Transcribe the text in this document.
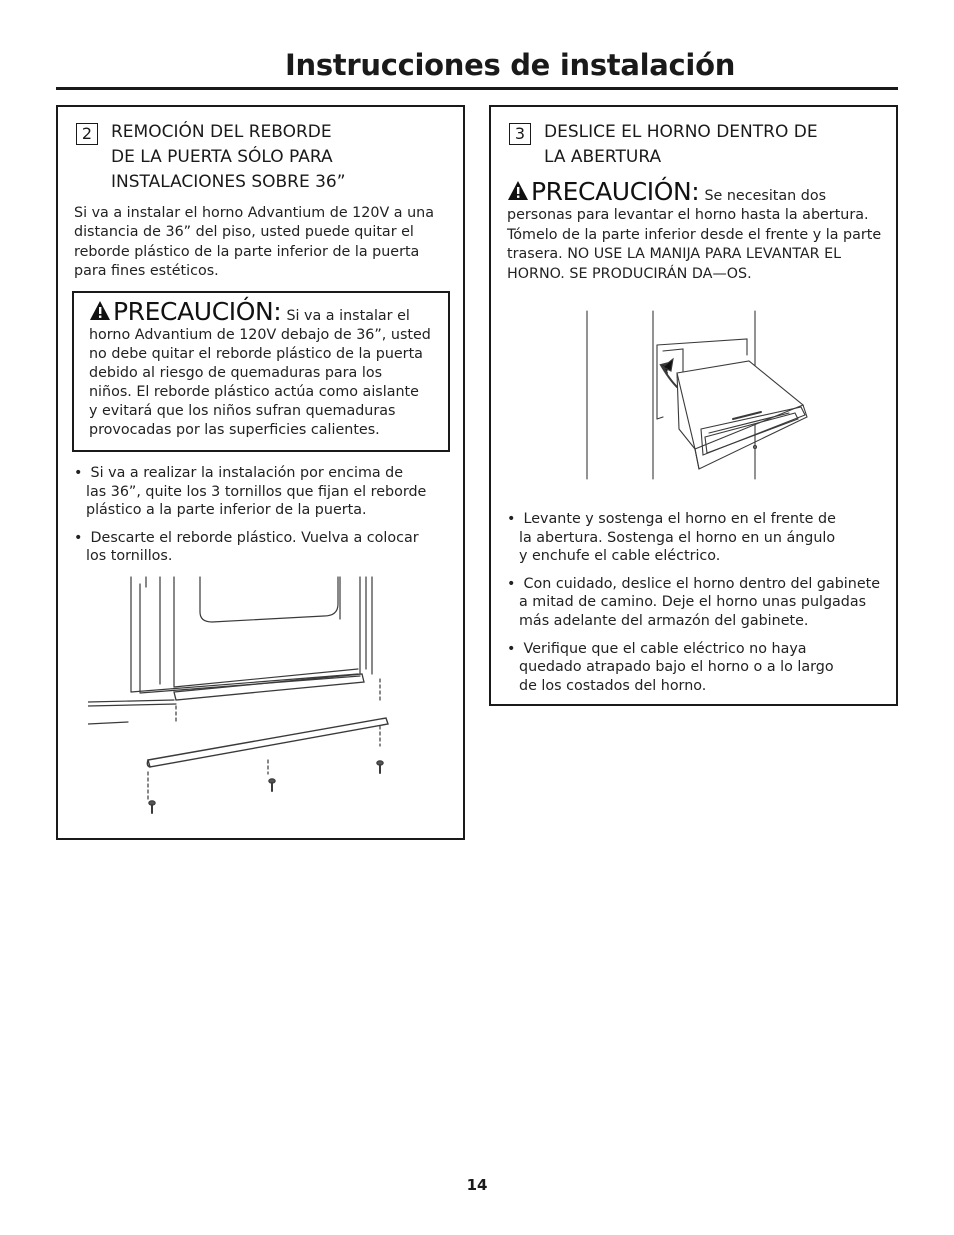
Instrucciones de instalación
2	REMOCIÓN DEL REBORDE
DE LA PUERTA SÓLO PARA
INSTALACIONES SOBRE 36”

Si va a instalar el horno Advantium de 120V a una
distancia de 36” del piso, usted puede quitar el
reborde plástico de la parte inferior de la puerta
para fines estéticos.

PRECAUCIÓN: Si va a instalar el
horno Advantium de 120V debajo de 36”, usted
no debe quitar el reborde plástico de la puerta
debido al riesgo de quemaduras para los
niños. El reborde plástico actúa como aislante
y evitará que los niños sufran quemaduras
provocadas por las superficies calientes.
• Si va a realizar la instalación por encima de
las 36”, quite los 3 tornillos que fijan el reborde
plástico a la parte inferior de la puerta.
• Descarte el reborde plástico. Vuelva a colocar
los tornillos.
3	DESLICE EL HORNO DENTRO DE
LA ABERTURA
PRECAUCIÓN: Se necesitan dos
personas para levantar el horno hasta la abertura.
Tómelo de la parte inferior desde el frente y la parte
trasera. NO USE LA MANIJA PARA LEVANTAR EL
HORNO. SE PRODUCIRÁN DA—OS.
• Levante y sostenga el horno en el frente de
la abertura. Sostenga el horno en un ángulo
y enchufe el cable eléctrico.
• Con cuidado, deslice el horno dentro del gabinete
a mitad de camino. Deje el horno unas pulgadas
más adelante del armazón del gabinete.
• Verifique que el cable eléctrico no haya
quedado atrapado bajo el horno o a lo largo
de los costados del horno.
14
